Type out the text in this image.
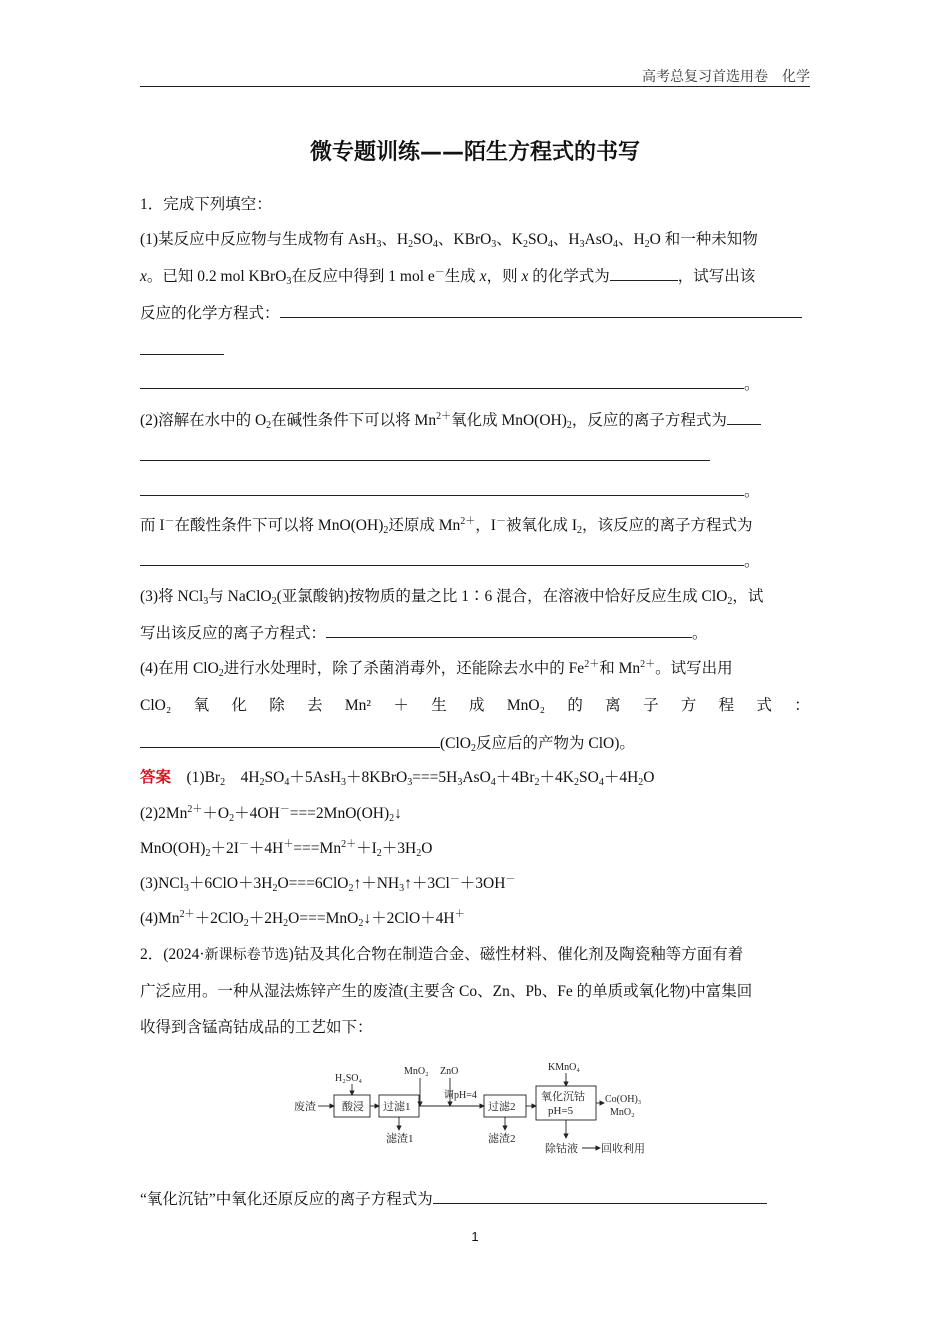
高考总复习首选用卷　化学
微专题训练——陌生方程式的书写
1．完成下列填空：
(1)某反应中反应物与生成物有 AsH$_3$、$H_2SO_4$、KBrO$_3$、$K_2SO_4$、$H_3AsO_4$、$H_2O$ 和一种未知物
x。已知 0.2 mol KBrO$_3$在反应中得到 1 mol e－生成 x，则 x 的化学式为	，试写出该
反应的化学方程式：
。
(2)溶解在水中的 $O_2$在碱性条件下可以将 $Mn^{2+}$氧化成 $MnO(OH)_2$，反应的离子方程式为
。
而 I－在酸性条件下可以将 $MnO(OH)_2$还原成 $Mn^{2+}$，I－被氧化成 $I_2$，该反应的离子方程式为
。
(3)将 NCl$_3$与 NaClO$_2$(亚氯酸钠)按物质的量之比 1∶6 混合，在溶液中恰好反应生成 ClO$_2$，试
写出该反应的离子方程式：	。
(4)在用 ClO$_2$进行水处理时，除了杀菌消毒外，还能除去水中的 $Fe^{2+}$和 $Mn^{2+}$。试写出用
ClO₂ 氧 化 除 去 Mn² ＋ 生 成 MnO₂ 的 离 子 方 程 式 ：
(ClO$_2$反应后的产物为 ClO)。
答案　$(1)Br_2$　$4H_2SO_4+5AsH_3+8KBrO_3===5H_3AsO_4+4Br_2+4K_2SO_4+4H_2O$
$(2)2Mn^{2+}+O_2+4OH^-===2MnO(OH)_2↓$
$MnO(OH)_2+2I^-+4H^+===Mn^{2+}+I_2+3H_2O$
$(3)NCl_3+6ClO+3H_2O===6ClO_2↑+NH_3↑+3Cl^-+3OH^-$
$(4)Mn^{2+}+2ClO_2+2H_2O===MnO_2↓+2ClO+4H^+$
2．(2024·新课标卷节选)钴及其化合物在制造合金、磁性材料、催化剂及陶瓷釉等方面有着
广泛应用。一种从湿法炼锌产生的废渣(主要含 Co、Zn、Pb、Fe 的单质或氧化物)中富集回
收得到含锰高钴成品的工艺如下：
废渣
H₂SO₄
酸浸 过滤1
滤渣1
MnO₂ ZnO
调pH=4
过滤2
滤渣2
KMnO₄
氧化沉钴
pH=5
Co(OH)₃
MnO₂
除钴液 回收利用
“氧化沉钴”中氧化还原反应的离子方程式为
1
